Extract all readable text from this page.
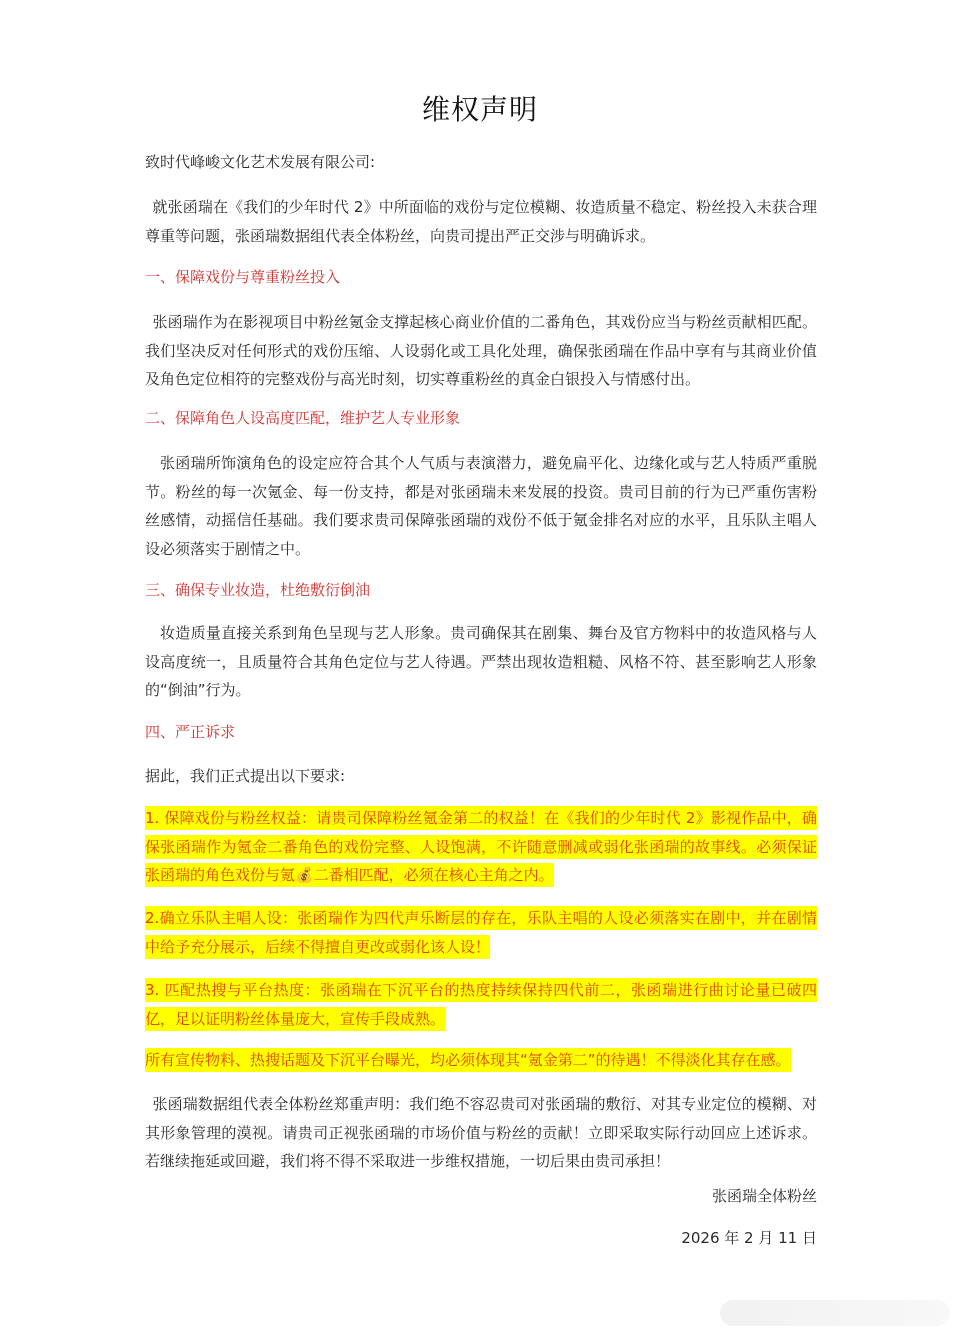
维权声明
致时代峰峻文化艺术发展有限公司:
就张函瑞在《我们的少年时代 2》中所面临的戏份与定位模糊、妆造质量不稳定、粉丝投入未获合理尊重等问题，张函瑞数据组代表全体粉丝，向贵司提出严正交涉与明确诉求。
一、保障戏份与尊重粉丝投入
张函瑞作为在影视项目中粉丝氪金支撑起核心商业价值的二番角色，其戏份应当与粉丝贡献相匹配。我们坚决反对任何形式的戏份压缩、人设弱化或工具化处理，确保张函瑞在作品中享有与其商业价值及角色定位相符的完整戏份与高光时刻，切实尊重粉丝的真金白银投入与情感付出。
二、保障角色人设高度匹配，维护艺人专业形象
张函瑞所饰演角色的设定应符合其个人气质与表演潜力，避免扁平化、边缘化或与艺人特质严重脱节。粉丝的每一次氪金、每一份支持，都是对张函瑞未来发展的投资。贵司目前的行为已严重伤害粉丝感情，动摇信任基础。我们要求贵司保障张函瑞的戏份不低于氪金排名对应的水平，且乐队主唱人设必须落实于剧情之中。
三、确保专业妆造，杜绝敷衍倒油
妆造质量直接关系到角色呈现与艺人形象。贵司确保其在剧集、舞台及官方物料中的妆造风格与人设高度统一，且质量符合其角色定位与艺人待遇。严禁出现妆造粗糙、风格不符、甚至影响艺人形象的“倒油”行为。
四、严正诉求
据此，我们正式提出以下要求:
1. 保障戏份与粉丝权益：请贵司保障粉丝氪金第二的权益！在《我们的少年时代 2》影视作品中，确保张函瑞作为氪金二番角色的戏份完整、人设饱满，不许随意删减或弱化张函瑞的故事线。必须保证张函瑞的角色戏份与氪💰二番相匹配，必须在核心主角之内。
2.确立乐队主唱人设：张函瑞作为四代声乐断层的存在，乐队主唱的人设必须落实在剧中，并在剧情中给予充分展示，后续不得擅自更改或弱化该人设！
3. 匹配热搜与平台热度：张函瑞在下沉平台的热度持续保持四代前二，张函瑞进行曲讨论量已破四亿，足以证明粉丝体量庞大，宣传手段成熟。
所有宣传物料、热搜话题及下沉平台曝光，均必须体现其“氪金第二”的待遇！不得淡化其存在感。
张函瑞数据组代表全体粉丝郑重声明：我们绝不容忍贵司对张函瑞的敷衍、对其专业定位的模糊、对其形象管理的漠视。请贵司正视张函瑞的市场价值与粉丝的贡献！立即采取实际行动回应上述诉求。若继续拖延或回避，我们将不得不采取进一步维权措施，一切后果由贵司承担！
张函瑞全体粉丝
2026 年 2 月 11 日
